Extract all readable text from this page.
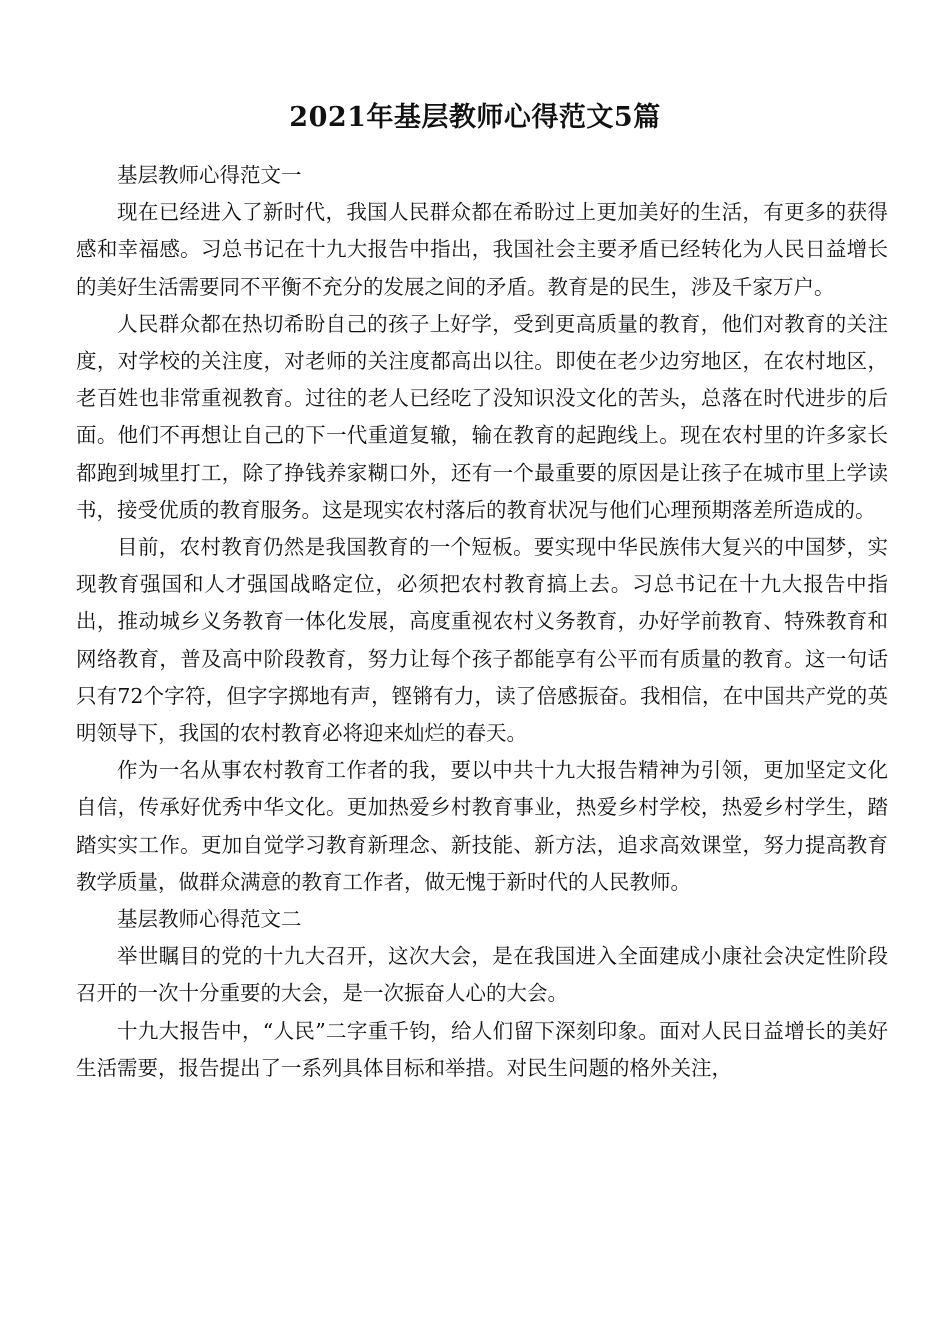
2021年基层教师心得范文5篇

基层教师心得范文一

现在已经进入了新时代，我国人民群众都在希盼过上更加美好的生活，有更多的获得感和幸福感。习总书记在十九大报告中指出，我国社会主要矛盾已经转化为人民日益增长的美好生活需要同不平衡不充分的发展之间的矛盾。教育是的民生，涉及千家万户。

人民群众都在热切希盼自己的孩子上好学，受到更高质量的教育，他们对教育的关注度，对学校的关注度，对老师的关注度都高出以往。即使在老少边穷地区，在农村地区，老百姓也非常重视教育。过往的老人已经吃了没知识没文化的苦头，总落在时代进步的后面。他们不再想让自己的下一代重道复辙，输在教育的起跑线上。现在农村里的许多家长都跑到城里打工，除了挣钱养家糊口外，还有一个最重要的原因是让孩子在城市里上学读书，接受优质的教育服务。这是现实农村落后的教育状况与他们心理预期落差所造成的。

目前，农村教育仍然是我国教育的一个短板。要实现中华民族伟大复兴的中国梦，实现教育强国和人才强国战略定位，必须把农村教育搞上去。习总书记在十九大报告中指出，推动城乡义务教育一体化发展，高度重视农村义务教育，办好学前教育、特殊教育和网络教育，普及高中阶段教育，努力让每个孩子都能享有公平而有质量的教育。这一句话只有72个字符，但字字掷地有声，铿锵有力，读了倍感振奋。我相信，在中国共产党的英明领导下，我国的农村教育必将迎来灿烂的春天。

作为一名从事农村教育工作者的我，要以中共十九大报告精神为引领，更加坚定文化自信，传承好优秀中华文化。更加热爱乡村教育事业，热爱乡村学校，热爱乡村学生，踏踏实实工作。更加自觉学习教育新理念、新技能、新方法，追求高效课堂，努力提高教育教学质量，做群众满意的教育工作者，做无愧于新时代的人民教师。

基层教师心得范文二

举世瞩目的党的十九大召开，这次大会，是在我国进入全面建成小康社会决定性阶段召开的一次十分重要的大会，是一次振奋人心的大会。

十九大报告中，“人民”二字重千钧，给人们留下深刻印象。面对人民日益增长的美好生活需要，报告提出了一系列具体目标和举措。对民生问题的格外关注，
